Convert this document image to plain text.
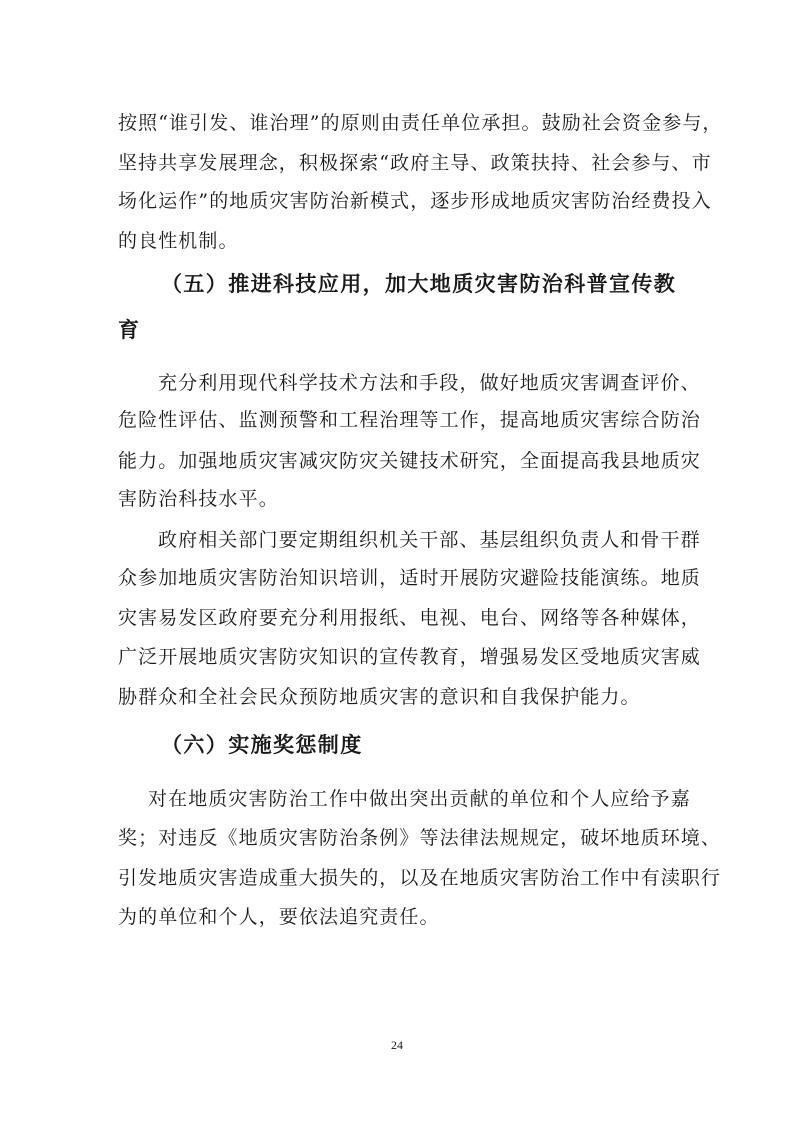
按照“谁引发、谁治理”的原则由责任单位承担。鼓励社会资金参与，
坚持共享发展理念，积极探索“政府主导、政策扶持、社会参与、市
场化运作”的地质灾害防治新模式，逐步形成地质灾害防治经费投入
的良性机制。
（五）推进科技应用，加大地质灾害防治科普宣传教
育
充分利用现代科学技术方法和手段，做好地质灾害调查评价、
危险性评估、监测预警和工程治理等工作，提高地质灾害综合防治
能力。加强地质灾害减灾防灾关键技术研究，全面提高我县地质灾
害防治科技水平。
政府相关部门要定期组织机关干部、基层组织负责人和骨干群
众参加地质灾害防治知识培训，适时开展防灾避险技能演练。地质
灾害易发区政府要充分利用报纸、电视、电台、网络等各种媒体，
广泛开展地质灾害防灾知识的宣传教育，增强易发区受地质灾害威
胁群众和全社会民众预防地质灾害的意识和自我保护能力。
（六）实施奖惩制度
对在地质灾害防治工作中做出突出贡献的单位和个人应给予嘉
奖；对违反《地质灾害防治条例》等法律法规规定，破坏地质环境、
引发地质灾害造成重大损失的，以及在地质灾害防治工作中有渎职行
为的单位和个人，要依法追究责任。
24
